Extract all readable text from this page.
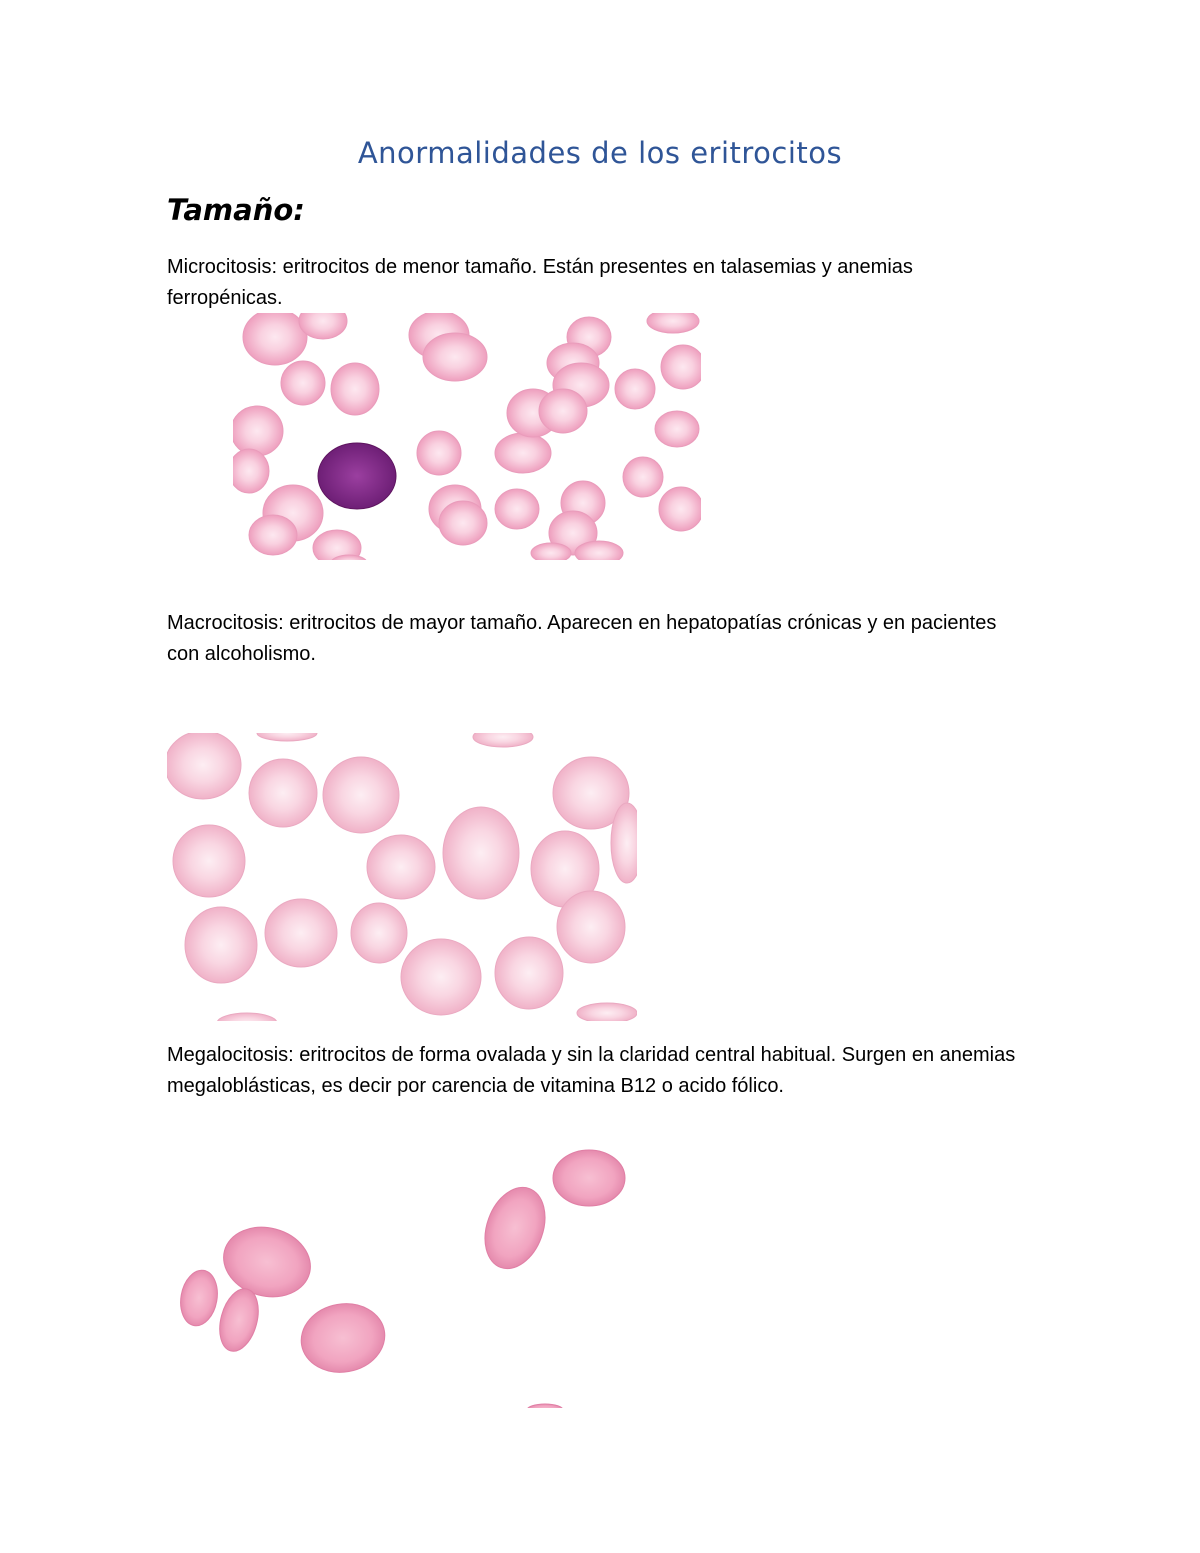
Anormalidades de los eritrocitos
Tamaño:

Microcitosis: eritrocitos de menor tamaño. Están presentes en talasemias y anemias ferropénicas.

Macrocitosis: eritrocitos de mayor tamaño. Aparecen en hepatopatías crónicas y en pacientes con alcoholismo.

Megalocitosis: eritrocitos de forma ovalada y sin la claridad central habitual. Surgen en anemias megaloblásticas, es decir por carencia de vitamina B12 o acido fólico.
